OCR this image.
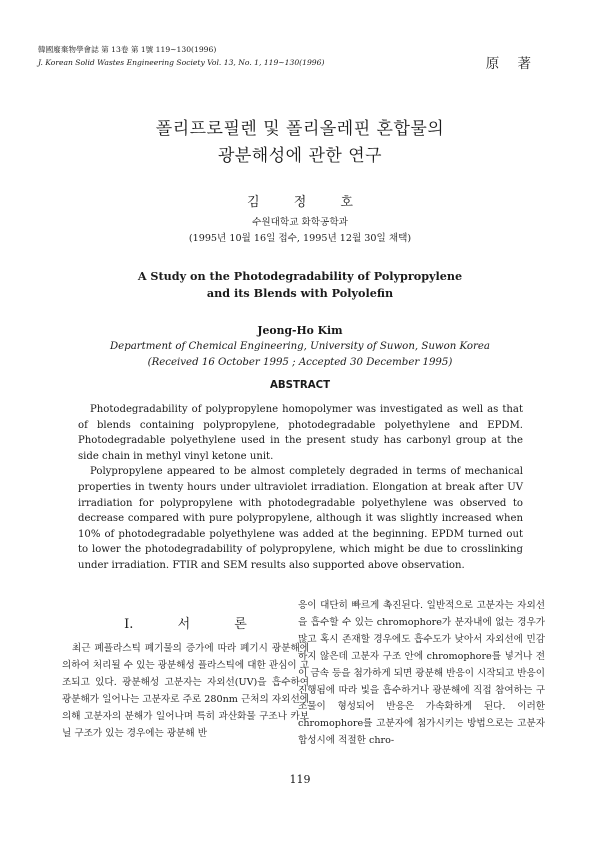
韓國廢棄物學會誌 第 13卷 第 1號 119~130(1996)
J. Korean Solid Wastes Engineering Society Vol. 13, No. 1, 119~130(1996)	原 著
폴리프로필렌 및 폴리올레핀 혼합물의
광분해성에 관한 연구
김 정 호
수원대학교 화학공학과
(1995년 10월 16일 접수, 1995년 12월 30일 채택)
A Study on the Photodegradability of Polypropylene
and its Blends with Polyolefin
Jeong-Ho Kim
Department of Chemical Engineering, University of Suwon, Suwon Korea
(Received 16 October 1995 ; Accepted 30 December 1995)
ABSTRACT

Photodegradability of polypropylene homopolymer was investigated as well as that of blends containing polypropylene, photodegradable polyethylene and EPDM. Photodegradable polyethylene used in the present study has carbonyl group at the side chain in methyl vinyl ketone unit.

Polypropylene appeared to be almost completely degraded in terms of mechanical properties in twenty hours under ultraviolet irradiation. Elongation at break after UV irradiation for polypropylene with photodegradable polyethylene was observed to decrease compared with pure polypropylene, although it was slightly increased when 10% of photodegradable polyethylene was added at the beginning. EPDM turned out to lower the photodegradability of polypropylene, which might be due to crosslinking under irradiation. FTIR and SEM results also supported above observation.

Ⅰ. 서 론

최근 폐플라스틱 폐기물의 증가에 따라 폐기시 광분해에 의하여 처리될 수 있는 광분해성 플라스틱에 대한 관심이 고조되고 있다. 광분해성 고분자는 자외선(UV)을 흡수하여 광분해가 일어나는 고분자로 주로 280nm 근처의 자외선에 의해 고분자의 분해가 일어나며 특히 과산화물 구조나 카보닐 구조가 있는 경우에는 광분해 반

응이 대단히 빠르게 촉진된다. 일반적으로 고분자는 자외선을 흡수할 수 있는 chromophore가 분자내에 없는 경우가 많고 혹시 존재할 경우에도 흡수도가 낮아서 자외선에 민감하지 않은데 고분자 구조 안에 chromophore를 넣거나 전이 금속 등을 첨가하게 되면 광분해 반응이 시작되고 반응이 진행됨에 따라 빛을 흡수하거나 광분해에 직접 참여하는 구조물이 형성되어 반응은 가속화하게 된다. 이러한 chromophore를 고분자에 첨가시키는 방법으로는 고분자 합성시에 적절한 chro-

119
